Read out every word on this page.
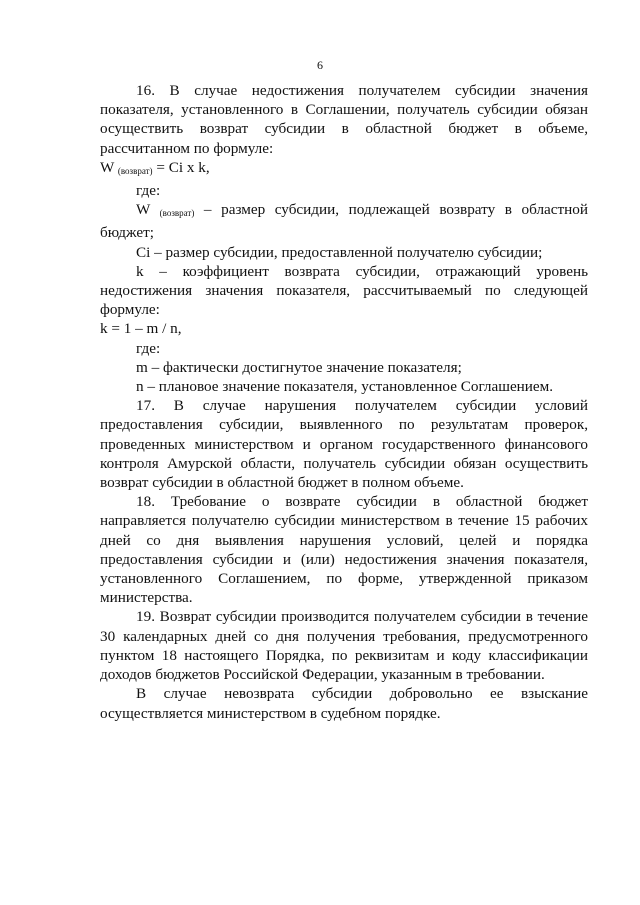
6

16. В случае недостижения получателем субсидии значения показателя, установленного в Соглашении, получатель субсидии обязан осуществить возврат субсидии в областной бюджет в объеме, рассчитанном по формуле:

W $_{(возврат)}$ = Ci x k,

где:

W $_{(возврат)}$ – размер субсидии, подлежащей возврату в областной бюджет;

Ci – размер субсидии, предоставленной получателю субсидии;

k – коэффициент возврата субсидии, отражающий уровень недостижения значения показателя, рассчитываемый по следующей формуле:

k = 1 – m / n,

где:

m – фактически достигнутое значение показателя;

n – плановое значение показателя, установленное Соглашением.

17. В случае нарушения получателем субсидии условий предоставления субсидии, выявленного по результатам проверок, проведенных министерством и органом государственного финансового контроля Амурской области, получатель субсидии обязан осуществить возврат субсидии в областной бюджет в полном объеме.

18. Требование о возврате субсидии в областной бюджет направляется получателю субсидии министерством в течение 15 рабочих дней со дня выявления нарушения условий, целей и порядка предоставления субсидии и (или) недостижения значения показателя, установленного Соглашением, по форме, утвержденной приказом министерства.

19. Возврат субсидии производится получателем субсидии в течение 30 календарных дней со дня получения требования, предусмотренного пунктом 18 настоящего Порядка, по реквизитам и коду классификации доходов бюджетов Российской Федерации, указанным в требовании.

В случае невозврата субсидии добровольно ее взыскание осуществляется министерством в судебном порядке.
